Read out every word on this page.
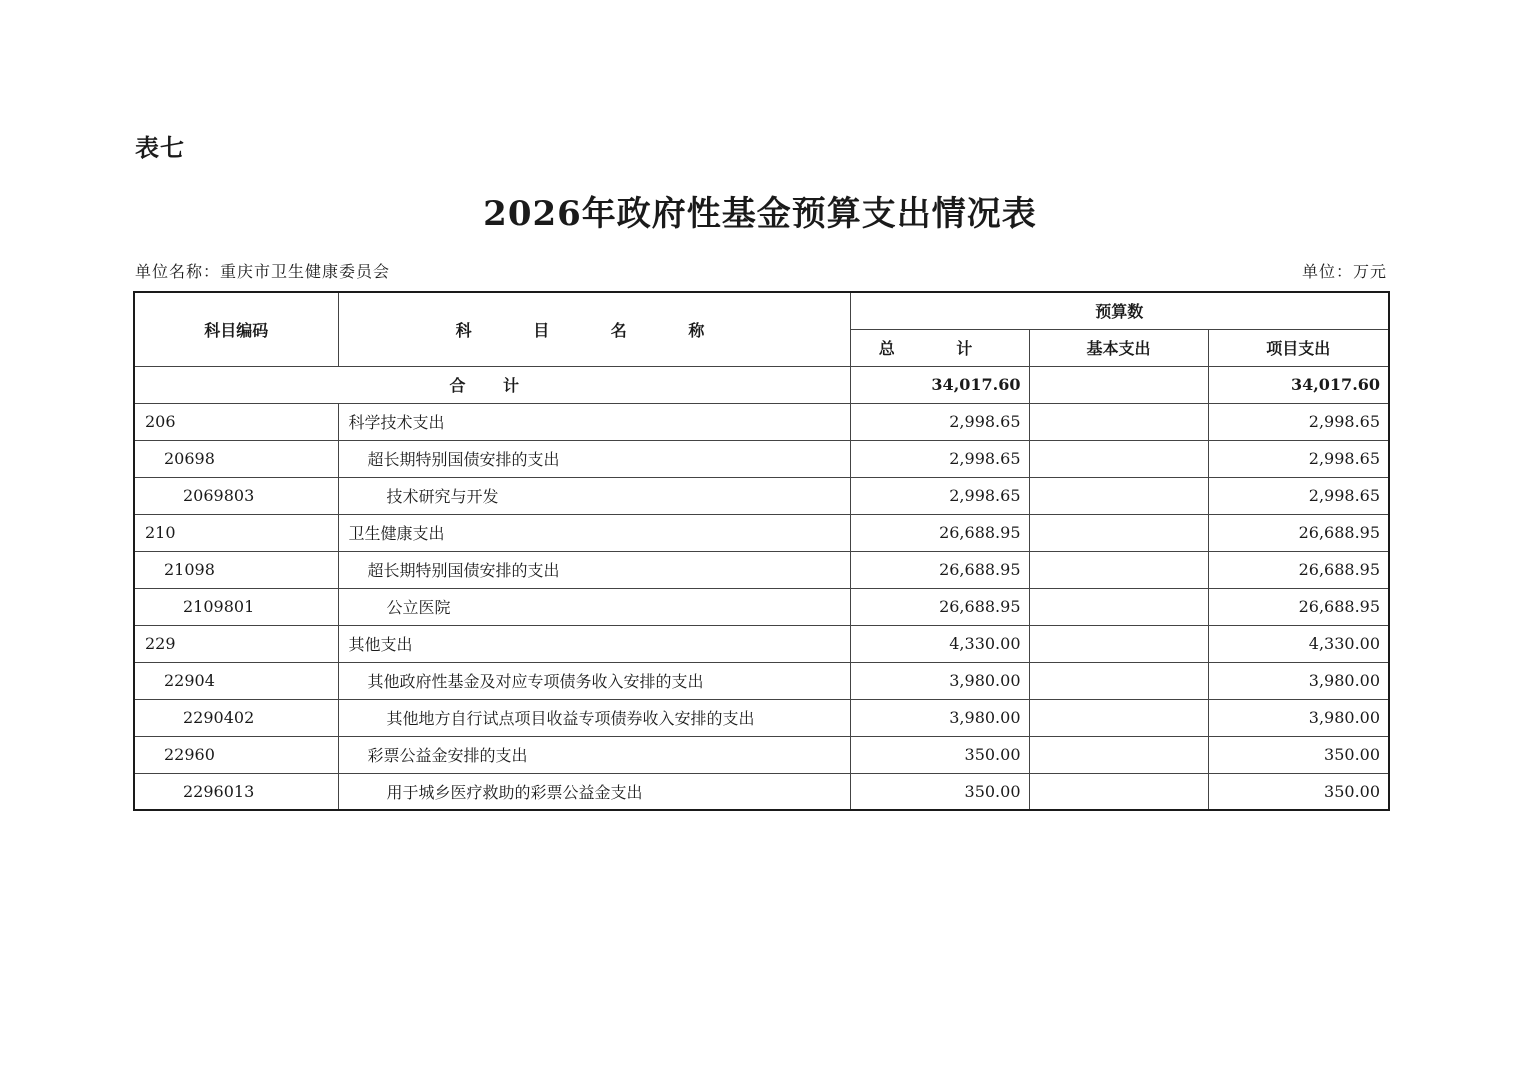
表七
2026年政府性基金预算支出情况表
单位名称：重庆市卫生健康委员会	单位：万元
科目编码	科 目 名 称	预算数		
		总 计	基本支出	项目支出
合 计		34,017.60		34,017.60
206	科学技术支出	2,998.65		2,998.65
20698	超长期特别国债安排的支出	2,998.65		2,998.65
2069803	技术研究与开发	2,998.65		2,998.65
210	卫生健康支出	26,688.95		26,688.95
21098	超长期特别国债安排的支出	26,688.95		26,688.95
2109801	公立医院	26,688.95		26,688.95
229	其他支出	4,330.00		4,330.00
22904	其他政府性基金及对应专项债务收入安排的支出	3,980.00		3,980.00
2290402	其他地方自行试点项目收益专项债券收入安排的支出	3,980.00		3,980.00
22960	彩票公益金安排的支出	350.00		350.00
2296013	用于城乡医疗救助的彩票公益金支出	350.00		350.00
